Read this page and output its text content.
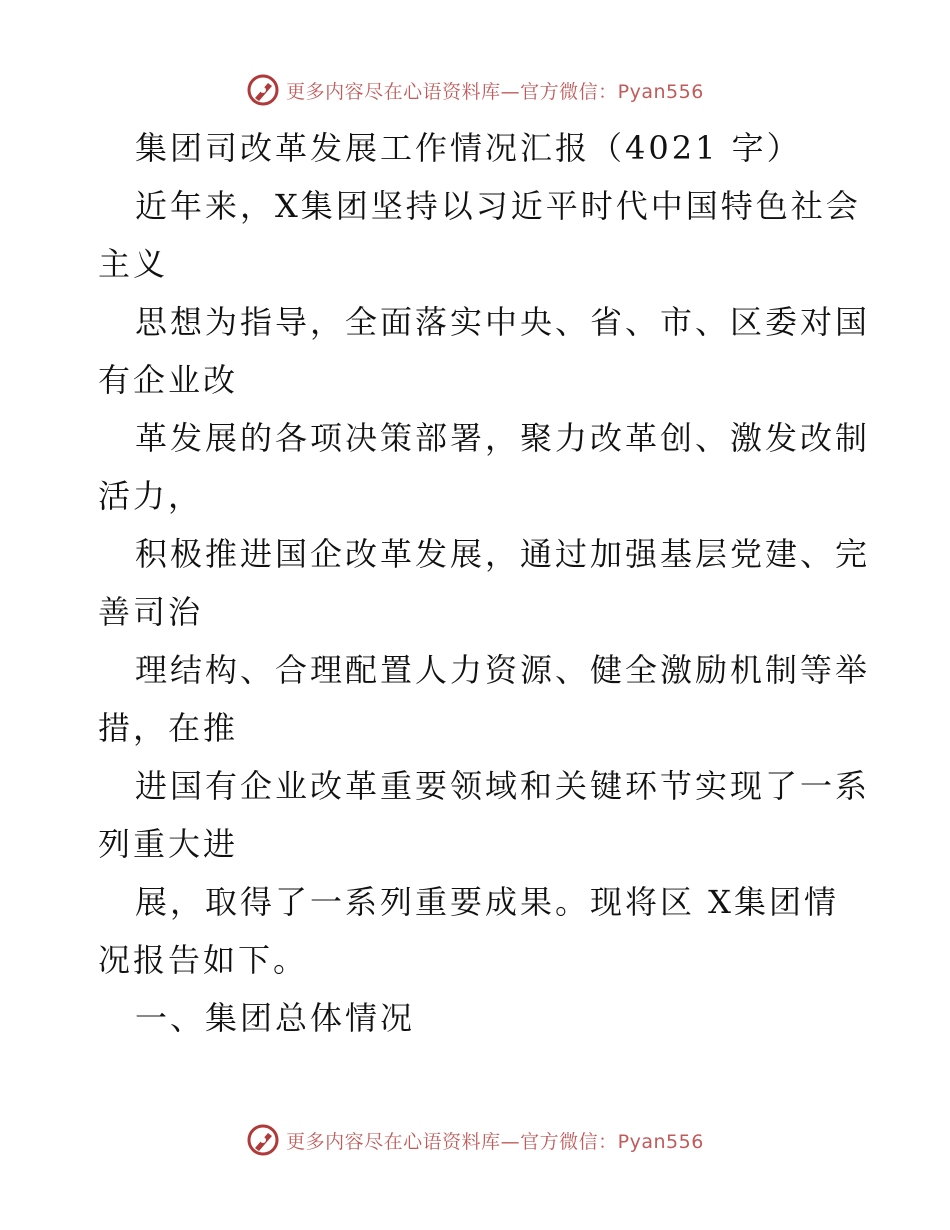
更多内容尽在心语资料库—官方微信：Pyan556
集团司改革发展工作情况汇报（4021 字）
近年来，X集团坚持以习近平时代中国特色社会
主义
思想为指导，全面落实中央、省、市、区委对国
有企业改
革发展的各项决策部署，聚力改革创、激发改制
活力，
积极推进国企改革发展，通过加强基层党建、完
善司治
理结构、合理配置人力资源、健全激励机制等举
措，在推
进国有企业改革重要领域和关键环节实现了一系
列重大进
展，取得了一系列重要成果。现将区 X集团情
况报告如下。
一、集团总体情况
更多内容尽在心语资料库—官方微信：Pyan556
